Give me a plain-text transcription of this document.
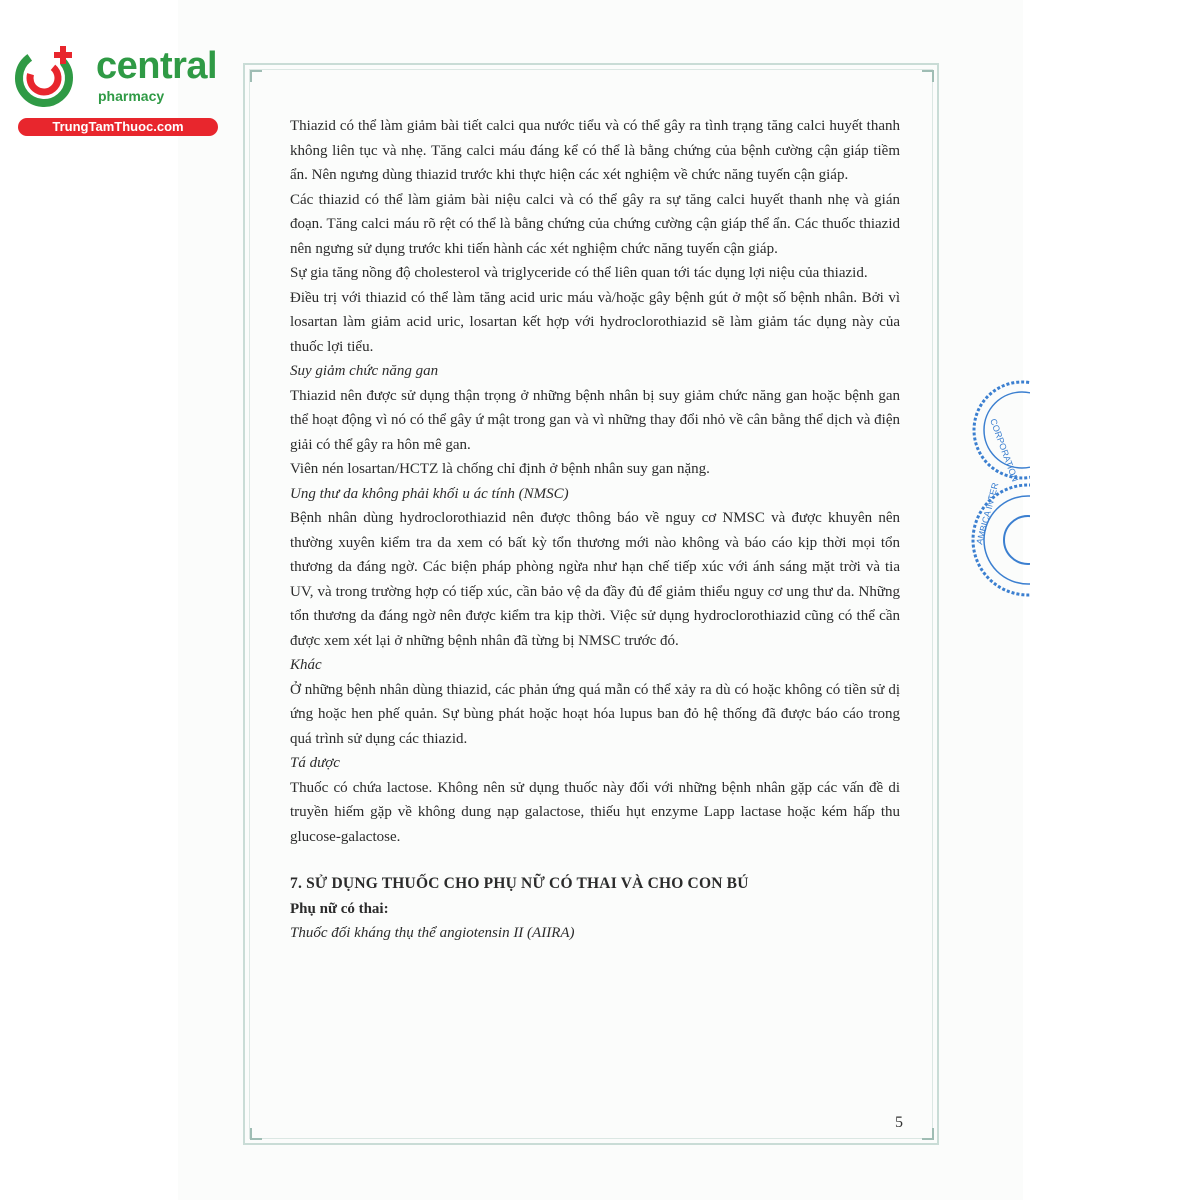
central
pharmacy
TrungTamThuoc.com
CORPORATION
AMBICA INTER

Thiazid có thể làm giảm bài tiết calci qua nước tiểu và có thể gây ra tình trạng tăng calci huyết thanh không liên tục và nhẹ. Tăng calci máu đáng kể có thể là bằng chứng của bệnh cường cận giáp tiềm ẩn. Nên ngưng dùng thiazid trước khi thực hiện các xét nghiệm về chức năng tuyến cận giáp.

Các thiazid có thể làm giảm bài niệu calci và có thể gây ra sự tăng calci huyết thanh nhẹ và gián đoạn. Tăng calci máu rõ rệt có thể là bằng chứng của chứng cường cận giáp thể ẩn. Các thuốc thiazid nên ngưng sử dụng trước khi tiến hành các xét nghiệm chức năng tuyến cận giáp.

Sự gia tăng nồng độ cholesterol và triglyceride có thể liên quan tới tác dụng lợi niệu của thiazid.

Điều trị với thiazid có thể làm tăng acid uric máu và/hoặc gây bệnh gút ở một số bệnh nhân. Bởi vì losartan làm giảm acid uric, losartan kết hợp với hydroclorothiazid sẽ làm giảm tác dụng này của thuốc lợi tiểu.

Suy giảm chức năng gan

Thiazid nên được sử dụng thận trọng ở những bệnh nhân bị suy giảm chức năng gan hoặc bệnh gan thể hoạt động vì nó có thể gây ứ mật trong gan và vì những thay đổi nhỏ về cân bằng thể dịch và điện giải có thể gây ra hôn mê gan.

Viên nén losartan/HCTZ là chống chỉ định ở bệnh nhân suy gan nặng.

Ung thư da không phải khối u ác tính (NMSC)

Bệnh nhân dùng hydroclorothiazid nên được thông báo về nguy cơ NMSC và được khuyên nên thường xuyên kiểm tra da xem có bất kỳ tổn thương mới nào không và báo cáo kịp thời mọi tổn thương da đáng ngờ. Các biện pháp phòng ngừa như hạn chế tiếp xúc với ánh sáng mặt trời và tia UV, và trong trường hợp có tiếp xúc, cần bảo vệ da đầy đủ để giảm thiểu nguy cơ ung thư da. Những tổn thương da đáng ngờ nên được kiểm tra kịp thời. Việc sử dụng hydroclorothiazid cũng có thể cần được xem xét lại ở những bệnh nhân đã từng bị NMSC trước đó.

Khác

Ở những bệnh nhân dùng thiazid, các phản ứng quá mẫn có thể xảy ra dù có hoặc không có tiền sử dị ứng hoặc hen phế quản. Sự bùng phát hoặc hoạt hóa lupus ban đỏ hệ thống đã được báo cáo trong quá trình sử dụng các thiazid.

Tá dược

Thuốc có chứa lactose. Không nên sử dụng thuốc này đối với những bệnh nhân gặp các vấn đề di truyền hiếm gặp về không dung nạp galactose, thiếu hụt enzyme Lapp lactase hoặc kém hấp thu glucose-galactose.

7. SỬ DỤNG THUỐC CHO PHỤ NỮ CÓ THAI VÀ CHO CON BÚ

Phụ nữ có thai:

Thuốc đối kháng thụ thể angiotensin II (AIIRA)

5
